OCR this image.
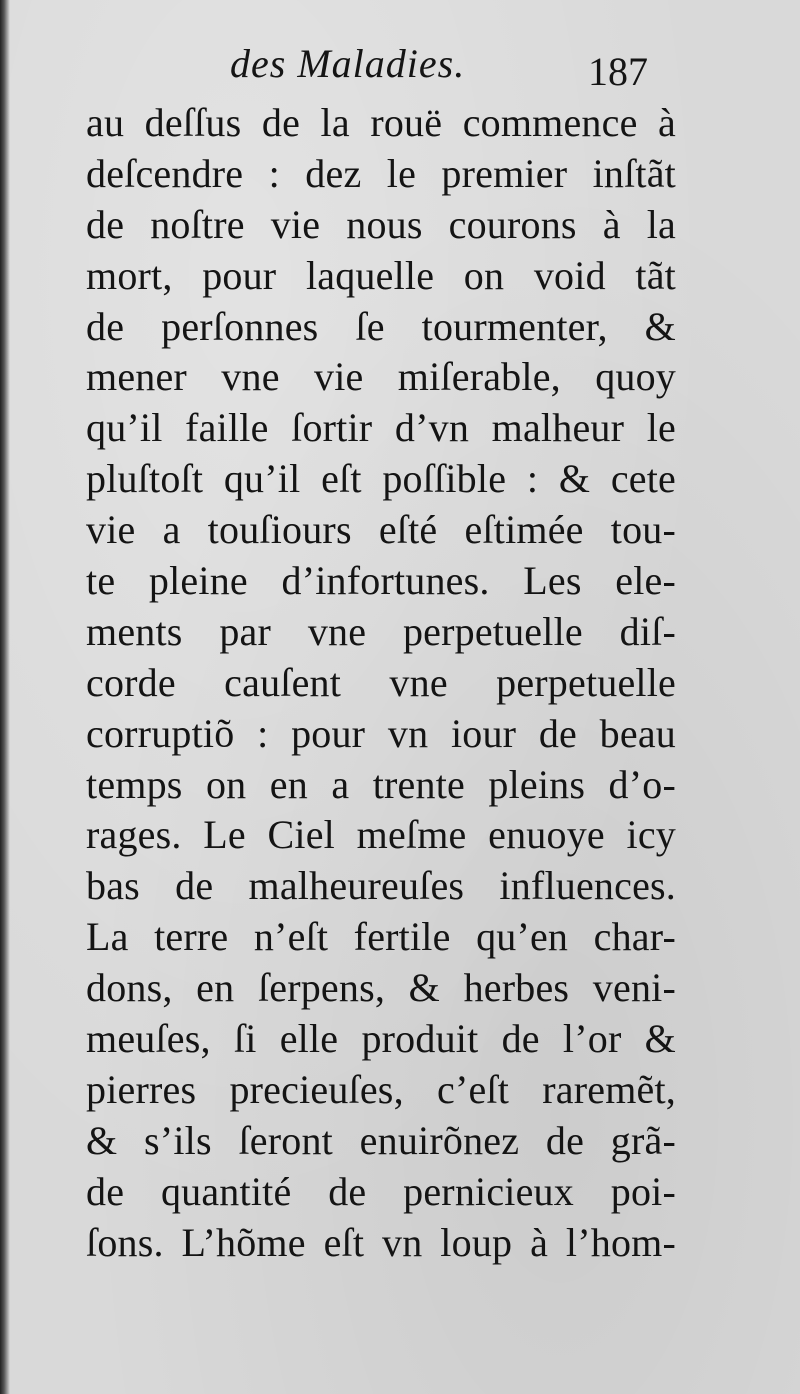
des Maladies.	187
au deſſus de la rouë commence à
deſcendre : dez le premier inſtãt
de noſtre vie nous courons à la
mort, pour laquelle on void tãt
de perſonnes ſe tourmenter, &
mener vne vie miſerable, quoy
qu’il faille ſortir d’vn malheur le
pluſtoſt qu’il eſt poſſible : & cete
vie a touſiours eſté eſtimée tou-
te pleine d’infortunes. Les ele-
ments par vne perpetuelle diſ-
corde cauſent vne perpetuelle
corruptiõ : pour vn iour de beau
temps on en a trente pleins d’o-
rages. Le Ciel meſme enuoye icy
bas de malheureuſes influences.
La terre n’eſt fertile qu’en char-
dons, en ſerpens, & herbes veni-
meuſes, ſi elle produit de l’or &
pierres precieuſes, c’eſt raremẽt,
& s’ils ſeront enuirõnez de grã-
de quantité de pernicieux poi-
ſons. L’hõme eſt vn loup à l’hom-
